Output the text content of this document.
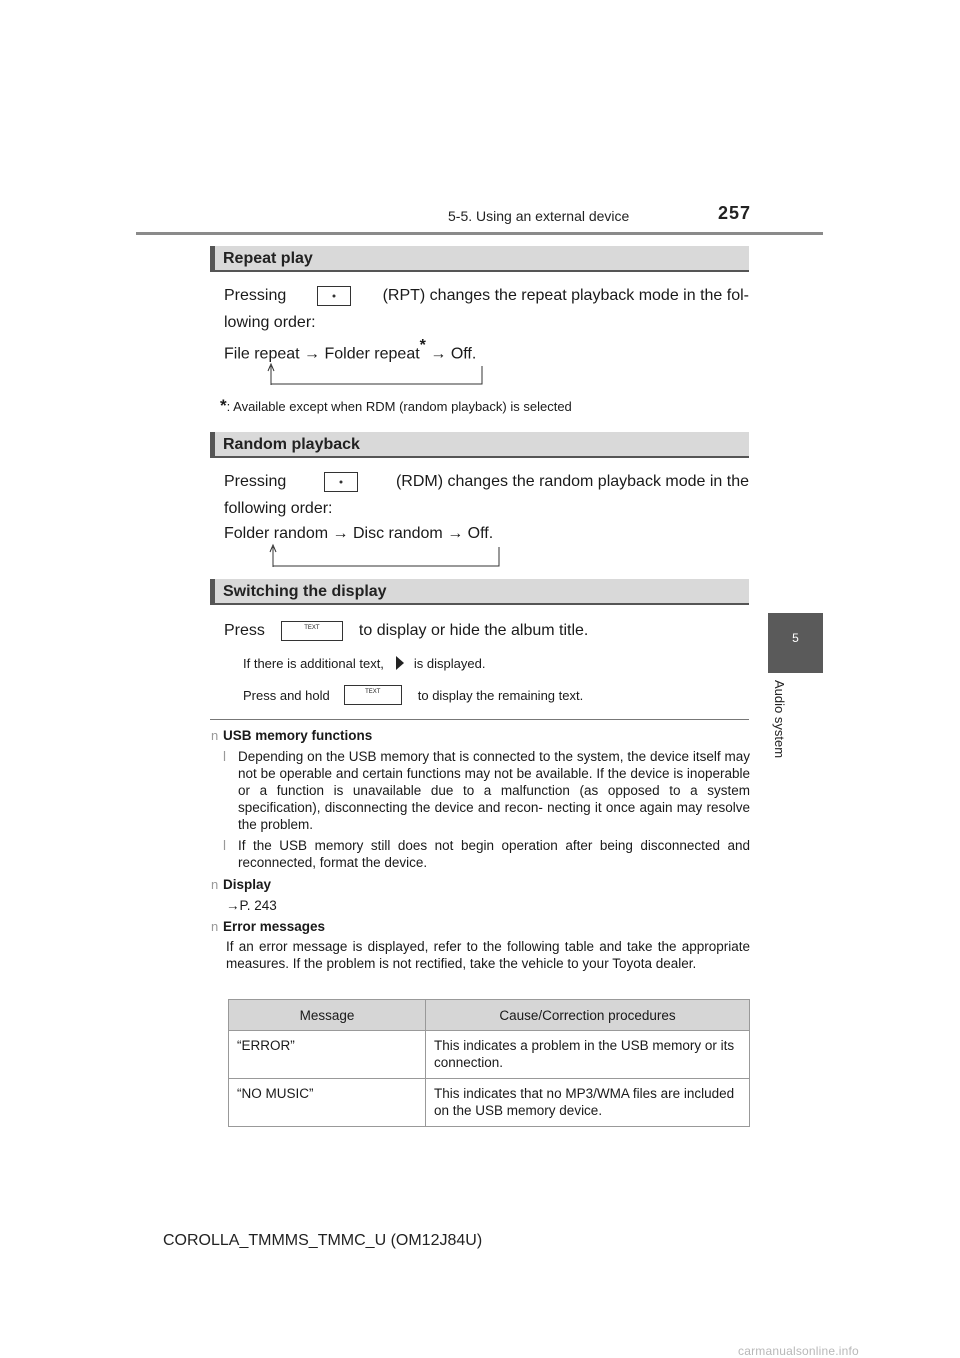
5-5. Using an external device	257
5
Audio system
Repeat play
Pressing	(RPT) changes the repeat playback mode in the fol-
lowing order:
File repeat → Folder repeat* → Off.
*: Available except when RDM (random playback) is selected
Random playback
Pressing	(RDM) changes the random playback mode in the
following order:
Folder random → Disc random → Off.
Switching the display
Press	TEXT	to display or hide the album title.
If there is additional text, is displayed.
Press and hold	TEXT	to display the remaining text.
n USB memory functions
l Depending on the USB memory that is connected to the system, the device itself may not be operable and certain functions may not be available. If the device is inoperable or a function is unavailable due to a malfunction (as opposed to a system specification), disconnecting the device and recon- necting it once again may resolve the problem.
l If the USB memory still does not begin operation after being disconnected and reconnected, format the device.
n Display
→P. 243
n Error messages
If an error message is displayed, refer to the following table and take the appropriate measures. If the problem is not rectified, take the vehicle to your Toyota dealer.
Message	Cause/Correction procedures
“ERROR”	This indicates a problem in the USB memory or its connection.
“NO MUSIC”	This indicates that no MP3/WMA files are included on the USB memory device.
COROLLA_TMMMS_TMMC_U (OM12J84U)
carmanualsonline.info
